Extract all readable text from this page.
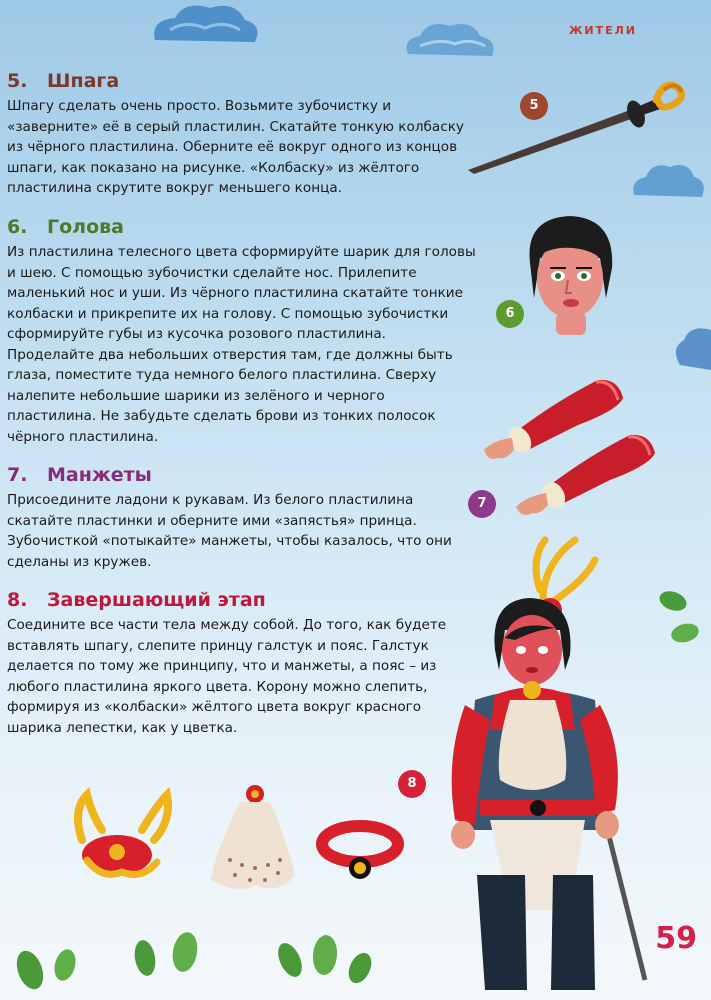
ЖИТЕЛИ
5. Шпага

Шпагу сделать очень просто. Возьмите зубочистку и «заверните» её в серый пластилин. Скатайте тонкую колбаску из чёрного пластилина. Оберните её вокруг одного из концов шпаги, как показано на рисунке. «Колбаску» из жёлтого пластилина скрутите вокруг меньшего конца.

6. Голова

Из пластилина телесного цвета сформируйте шарик для головы и шею. С помощью зубочистки сделайте нос. Прилепите маленький нос и уши. Из чёрного пластилина скатайте тонкие колбаски и прикрепите их на голову. С помощью зубочистки сформируйте губы из кусочка розового пластилина. Проделайте два небольших отверстия там, где должны быть глаза, поместите туда немного белого пластилина. Сверху налепите небольшие шарики из зелёного и черного пластилина. Не забудьте сделать брови из тонких полосок чёрного пластилина.

7. Манжеты

Присоедините ладони к рукавам. Из белого пластилина скатайте пластинки и оберните ими «запястья» принца. Зубочисткой «потыкайте» манжеты, чтобы казалось, что они сделаны из кружев.

8. Завершающий этап

Соедините все части тела между собой. До того, как будете вставлять шпагу, слепите принцу галстук и пояс. Галстук делается по тому же принципу, что и манжеты, а пояс – из любого пластилина яркого цвета. Корону можно слепить, формируя из «колбаски» жёлтого цвета вокруг красного шарика лепестки, как у цветка.

5
6
7
8
59
